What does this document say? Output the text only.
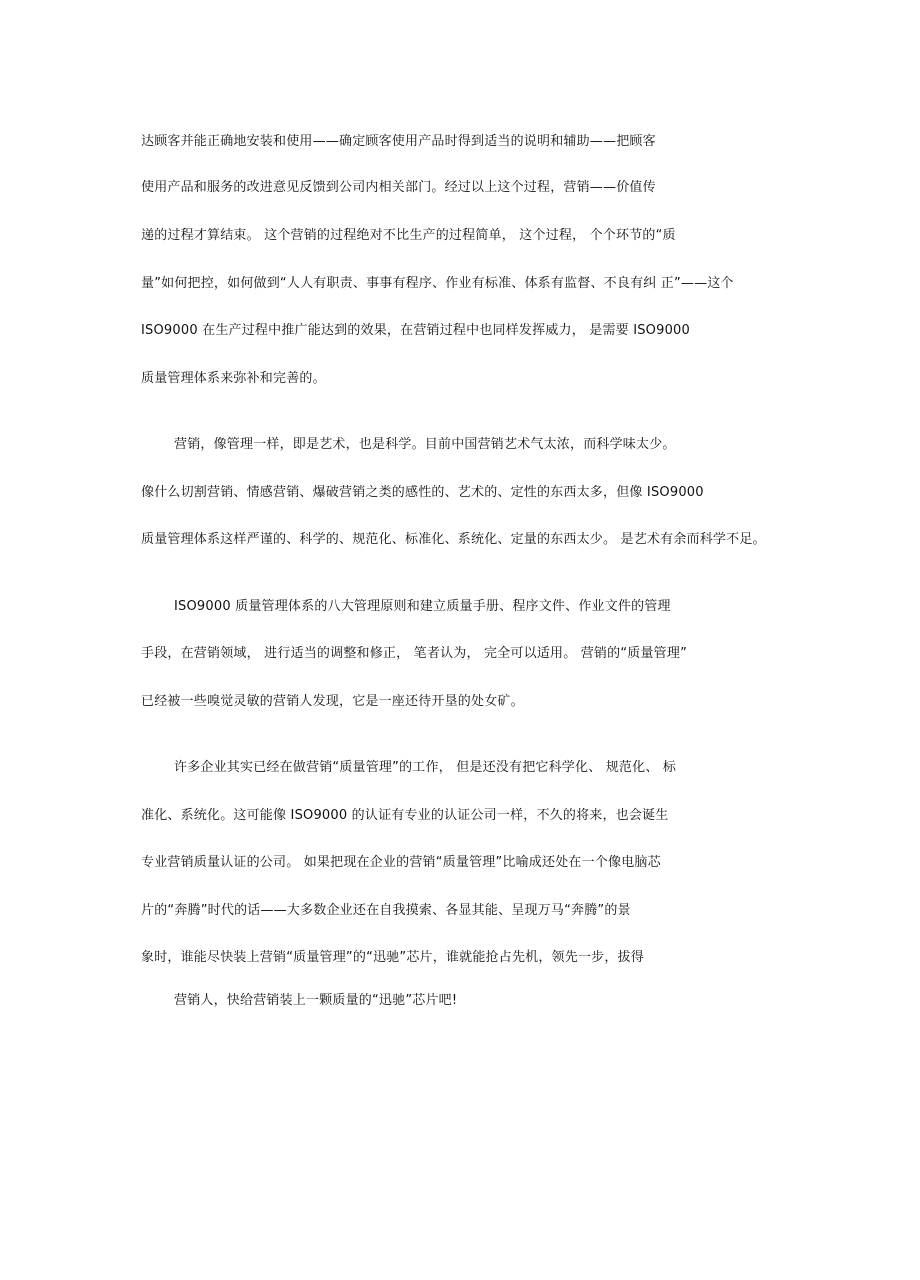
达顾客并能正确地安装和使用——确定顾客使用产品时得到适当的说明和辅助——把顾客
使用产品和服务的改进意见反馈到公司内相关部门。经过以上这个过程，营销——价值传
递的过程才算结束。 这个营销的过程绝对不比生产的过程简单， 这个过程， 个个环节的“质
量”如何把控，如何做到“人人有职责、事事有程序、作业有标准、体系有监督、不良有纠 正”——这个
ISO9000 在生产过程中推广能达到的效果，在营销过程中也同样发挥威力， 是需要 ISO9000
质量管理体系来弥补和完善的。
营销，像管理一样，即是艺术，也是科学。目前中国营销艺术气太浓，而科学味太少。
像什么切割营销、情感营销、爆破营销之类的感性的、艺术的、定性的东西太多，但像 ISO9000
质量管理体系这样严谨的、科学的、规范化、标准化、系统化、定量的东西太少。 是艺术有余而科学不足。
ISO9000 质量管理体系的八大管理原则和建立质量手册、程序文件、作业文件的管理
手段，在营销领域， 进行适当的调整和修正， 笔者认为， 完全可以适用。 营销的“质量管理”
已经被一些嗅觉灵敏的营销人发现，它是一座还待开垦的处女矿。
许多企业其实已经在做营销“质量管理”的工作， 但是还没有把它科学化、 规范化、 标
准化、系统化。这可能像 ISO9000 的认证有专业的认证公司一样，不久的将来，也会诞生
专业营销质量认证的公司。 如果把现在企业的营销“质量管理”比喻成还处在一个像电脑芯
片的“奔腾”时代的话——大多数企业还在自我摸索、各显其能、呈现万马“奔腾”的景
象时，谁能尽快装上营销“质量管理”的“迅驰”芯片，谁就能抢占先机，领先一步，拔得
营销人，快给营销装上一颗质量的“迅驰”芯片吧!
